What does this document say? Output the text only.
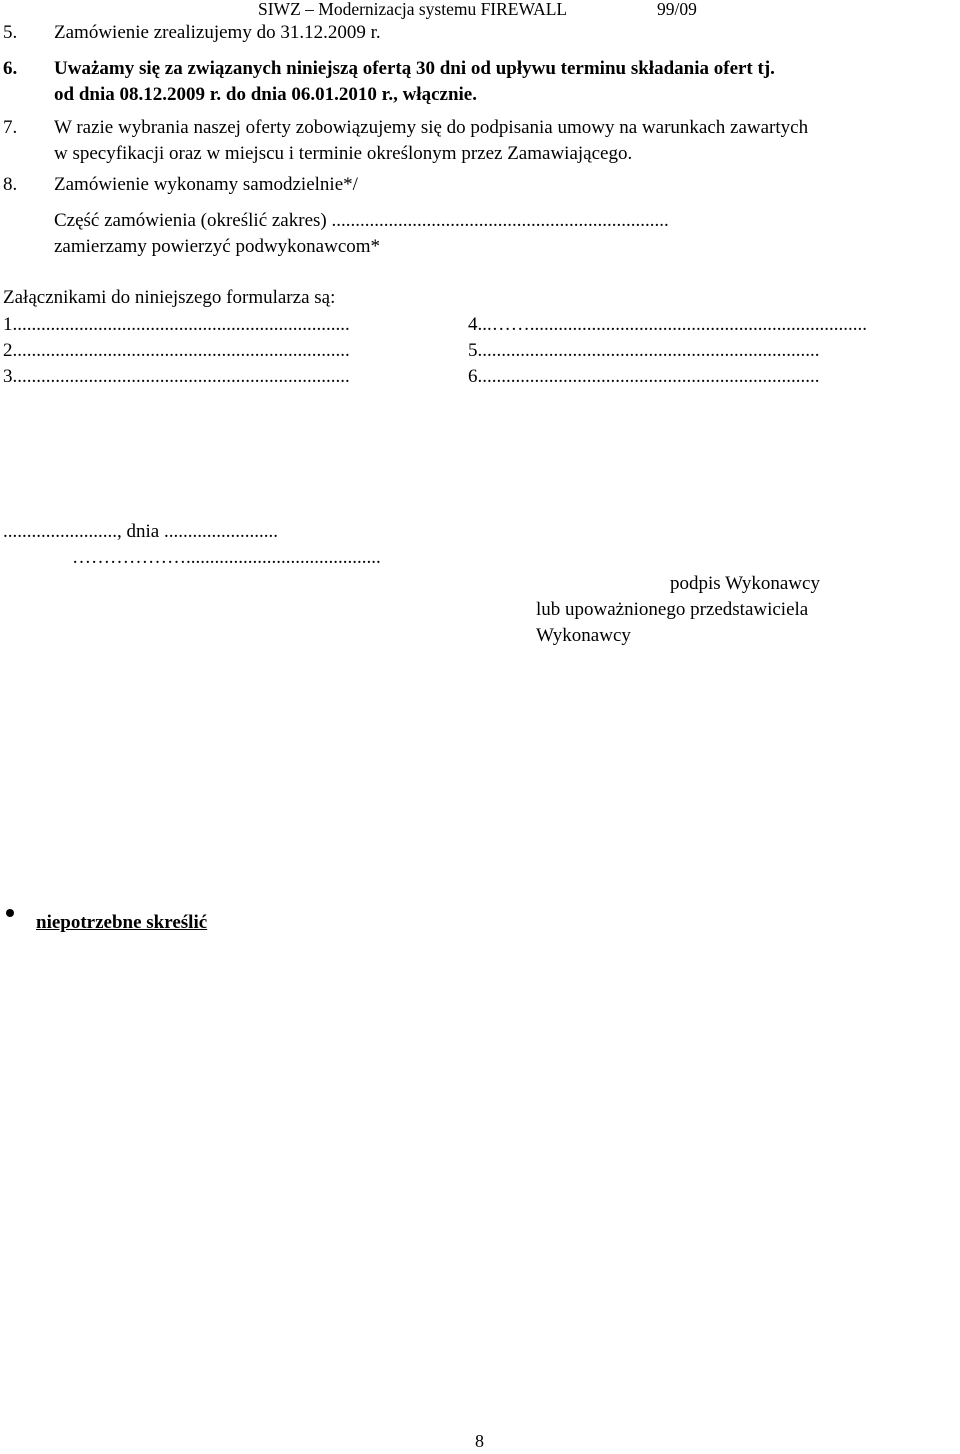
SIWZ – Modernizacja systemu FIREWALL	99/09
5. Zamówienie zrealizujemy do 31.12.2009 r.
6. Uważamy się za związanych niniejszą ofertą 30 dni od upływu terminu składania ofert tj.
od dnia 08.12.2009 r. do dnia 06.01.2010 r., włącznie.
7. W razie wybrania naszej oferty zobowiązujemy się do podpisania umowy na warunkach zawartych
w specyfikacji oraz w miejscu i terminie określonym przez Zamawiającego.
8. Zamówienie wykonamy samodzielnie*/
Część zamówienia (określić zakres) .......................................................................
zamierzamy powierzyć podwykonawcom*
Załącznikami do niniejszego formularza są:
1.......................................................................	4...…….......................................................................
2.......................................................................	5........................................................................
3.......................................................................	6........................................................................
........................, dnia ........................
……………….........................................
podpis Wykonawcy
lub upoważnionego przedstawiciela
Wykonawcy
niepotrzebne skreślić
8
